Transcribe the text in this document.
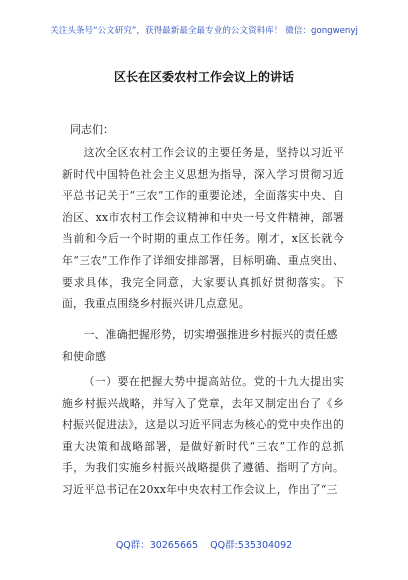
关注头条号“公文研究”，获得最新最全最专业的公文资料库！ 微信：gongwenyj
区长在区委农村工作会议上的讲话
同志们：
这次全区农村工作会议的主要任务是，坚持以习近平新时代中国特色社会主义思想为指导，深入学习贯彻习近平总书记关于“三农”工作的重要论述，全面落实中央、自治区、xx市农村工作会议精神和中央一号文件精神，部署当前和今后一个时期的重点工作任务。刚才，x区长就今年“三农”工作作了详细安排部署，目标明确、重点突出、要求具体，我完全同意，大家要认真抓好贯彻落实。下面，我重点围绕乡村振兴讲几点意见。
一、准确把握形势，切实增强推进乡村振兴的责任感和使命感
（一）要在把握大势中提高站位。党的十九大提出实施乡村振兴战略，并写入了党章，去年又制定出台了《乡村振兴促进法》，这是以习近平同志为核心的党中央作出的重大决策和战略部署，是做好新时代“三农”工作的总抓手，为我们实施乡村振兴战略提供了遵循、指明了方向。习近平总书记在20xx年中央农村工作会议上，作出了“三
QQ群：30265665 QQ群:535304092
